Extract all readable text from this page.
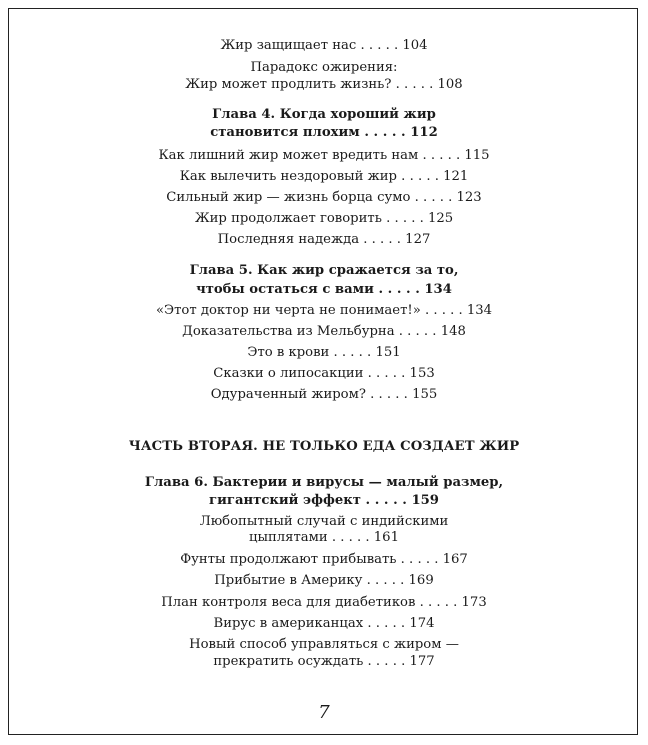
Жир защищает нас . . . . . 104
Парадокс ожирения:
Жир может продлить жизнь? . . . . . 108
Глава 4. Когда хороший жир
становится плохим . . . . . 112
Как лишний жир может вредить нам . . . . . 115
Как вылечить нездоровый жир . . . . . 121
Сильный жир — жизнь борца сумо . . . . . 123
Жир продолжает говорить . . . . . 125
Последняя надежда . . . . . 127
Глава 5. Как жир сражается за то,
чтобы остаться с вами . . . . . 134
«Этот доктор ни черта не понимает!» . . . . . 134
Доказательства из Мельбурна . . . . . 148
Это в крови . . . . . 151
Сказки о липосакции . . . . . 153
Одураченный жиром? . . . . . 155
ЧАСТЬ ВТОРАЯ. НЕ ТОЛЬКО ЕДА СОЗДАЕТ ЖИР
Глава 6. Бактерии и вирусы — малый размер,
гигантский эффект . . . . . 159
Любопытный случай с индийскими
цыплятами . . . . . 161
Фунты продолжают прибывать . . . . . 167
Прибытие в Америку . . . . . 169
План контроля веса для диабетиков . . . . . 173
Вирус в американцах . . . . . 174
Новый способ управляться с жиром —
прекратить осуждать . . . . . 177
7
